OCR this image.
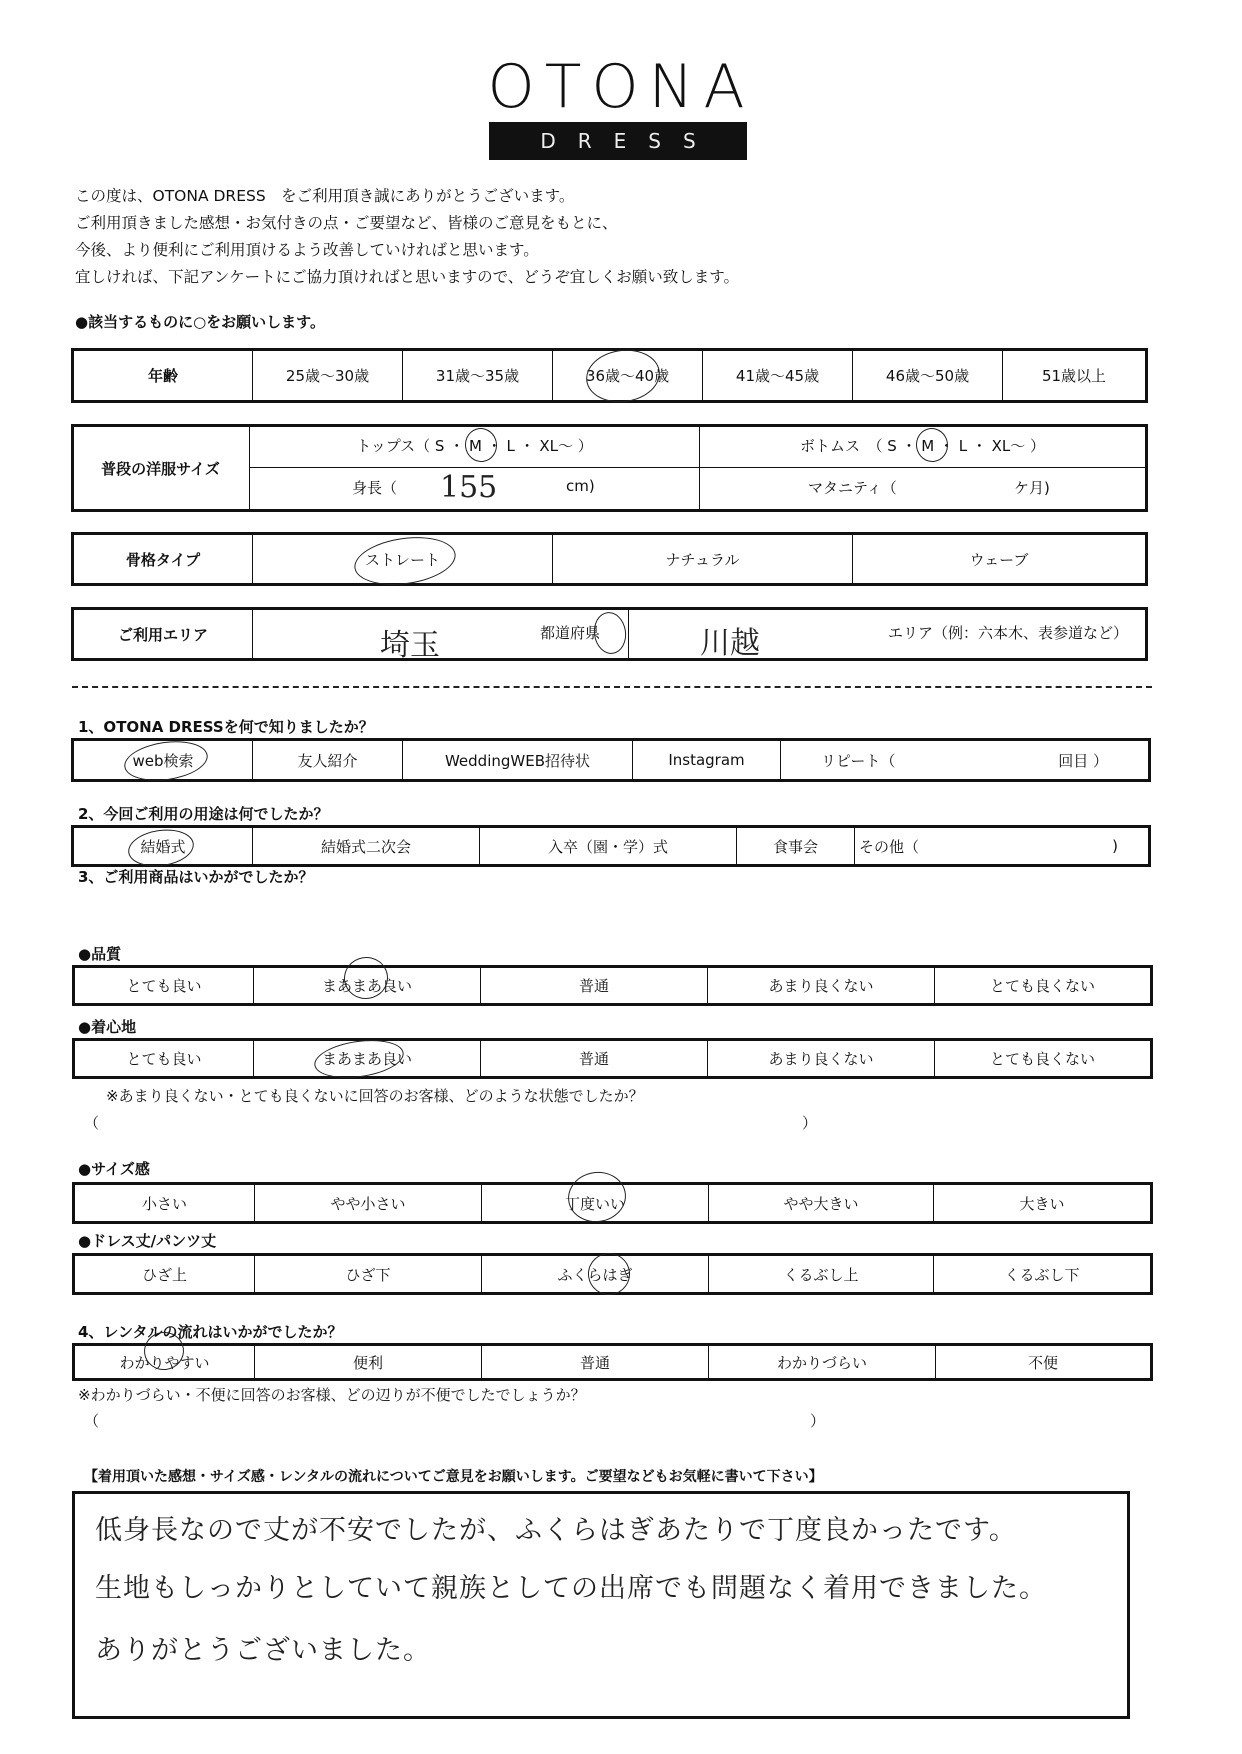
OTONA
DRESS
この度は、OTONA DRESS　をご利用頂き誠にありがとうございます。
ご利用頂きました感想・お気付きの点・ご要望など、皆様のご意見をもとに、
今後、より便利にご利用頂けるよう改善していければと思います。
宜しければ、下記アンケートにご協力頂ければと思いますので、どうぞ宜しくお願い致します。
●該当するものに○をお願いします。
年齢	25歳～30歳	31歳～35歳	36歳～40歳	41歳～45歳	46歳～50歳	51歳以上
普段の洋服サイズ
トップス（ S ・ M ・ L ・ XL～ ）	ボトムス　（ S ・ M ・ L ・ XL～ ）
身長（ 155	cm)	マタニティ（	ケ月)
骨格タイプ	ストレート	ナチュラル	ウェーブ
ご利用エリア	埼玉	都道府県	川越	エリア（例：六本木、表参道など）
1、OTONA DRESSを何で知りましたか？
web検索	友人紹介	WeddingWEB招待状	Instagram	リピート（	回目 ）
2、今回ご利用の用途は何でしたか？
結婚式	結婚式二次会	入卒（園・学）式	食事会	その他（	)
3、ご利用商品はいかがでしたか？
●品質
とても良い	まあまあ良い	普通	あまり良くない	とても良くない
●着心地
とても良い	まあまあ良い	普通	あまり良くない	とても良くない
※あまり良くない・とても良くないに回答のお客様、どのような状態でしたか？
（	）
●サイズ感
小さい	やや小さい	丁度いい	やや大きい	大きい
●ドレス丈/パンツ丈
ひざ上	ひざ下	ふくらはぎ	くるぶし上	くるぶし下
4、レンタルの流れはいかがでしたか？
わかりやすい	便利	普通	わかりづらい	不便
※わかりづらい・不便に回答のお客様、どの辺りが不便でしたでしょうか？
（	）
【着用頂いた感想・サイズ感・レンタルの流れについてご意見をお願いします。ご要望などもお気軽に書いて下さい】
低身長なので丈が不安でしたが、ふくらはぎあたりで丁度良かったです。
生地もしっかりとしていて親族としての出席でも問題なく着用できました。
ありがとうございました。
